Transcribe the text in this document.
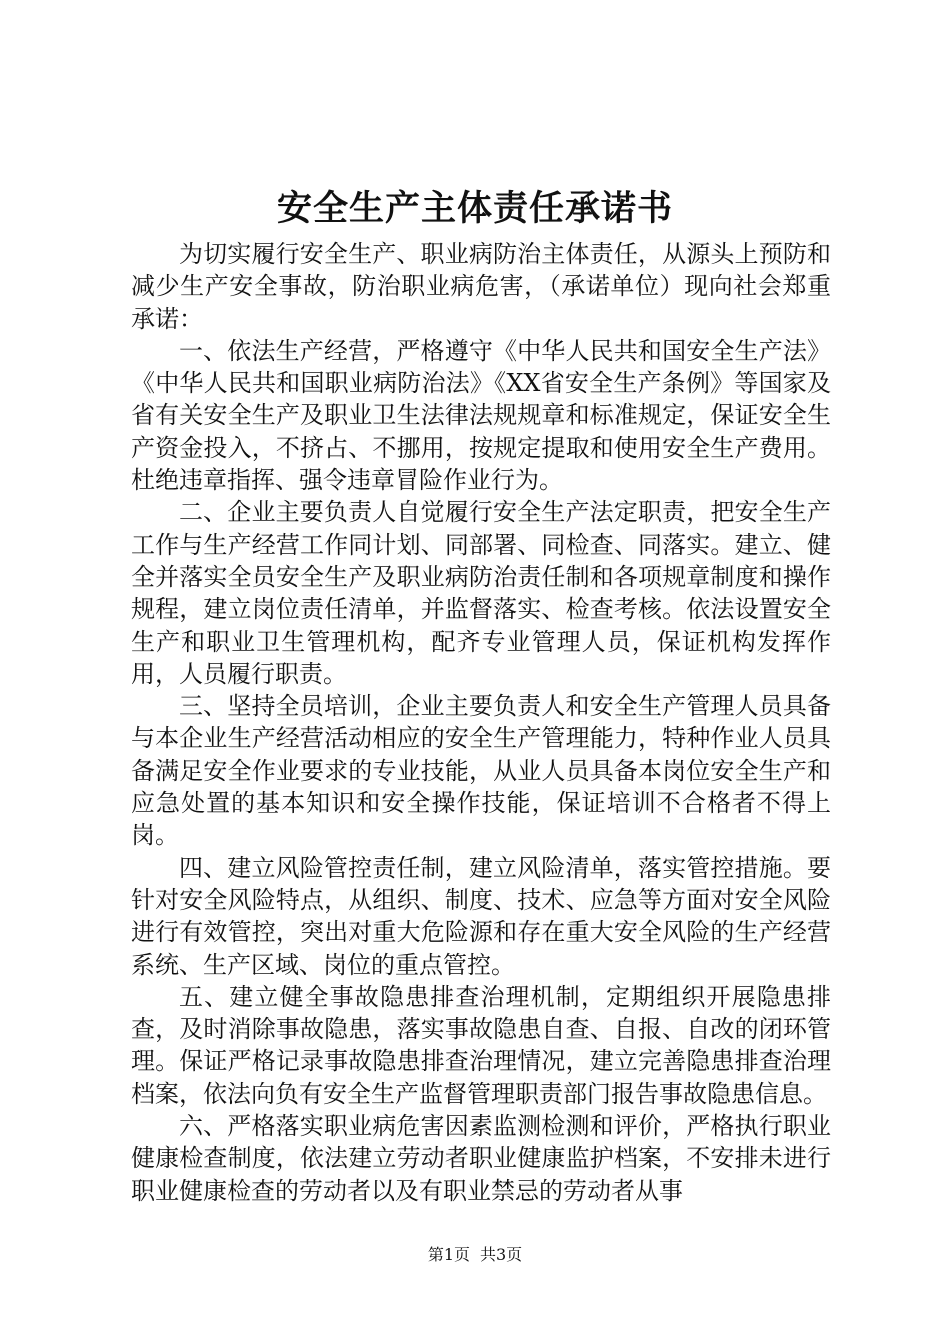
安全生产主体责任承诺书

为切实履行安全生产、职业病防治主体责任，从源头上预防和减少生产安全事故，防治职业病危害，（承诺单位）现向社会郑重承诺：

一、依法生产经营，严格遵守《中华人民共和国安全生产法》《中华人民共和国职业病防治法》《XX省安全生产条例》等国家及省有关安全生产及职业卫生法律法规规章和标准规定，保证安全生产资金投入，不挤占、不挪用，按规定提取和使用安全生产费用。杜绝违章指挥、强令违章冒险作业行为。

二、企业主要负责人自觉履行安全生产法定职责，把安全生产工作与生产经营工作同计划、同部署、同检查、同落实。建立、健全并落实全员安全生产及职业病防治责任制和各项规章制度和操作规程，建立岗位责任清单，并监督落实、检查考核。依法设置安全生产和职业卫生管理机构，配齐专业管理人员，保证机构发挥作用，人员履行职责。

三、坚持全员培训，企业主要负责人和安全生产管理人员具备与本企业生产经营活动相应的安全生产管理能力，特种作业人员具备满足安全作业要求的专业技能，从业人员具备本岗位安全生产和应急处置的基本知识和安全操作技能，保证培训不合格者不得上岗。

四、建立风险管控责任制，建立风险清单，落实管控措施。要针对安全风险特点，从组织、制度、技术、应急等方面对安全风险进行有效管控，突出对重大危险源和存在重大安全风险的生产经营系统、生产区域、岗位的重点管控。

五、建立健全事故隐患排查治理机制，定期组织开展隐患排查，及时消除事故隐患，落实事故隐患自查、自报、自改的闭环管理。保证严格记录事故隐患排查治理情况，建立完善隐患排查治理档案，依法向负有安全生产监督管理职责部门报告事故隐患信息。

六、严格落实职业病危害因素监测检测和评价，严格执行职业健康检查制度，依法建立劳动者职业健康监护档案，不安排未进行职业健康检查的劳动者以及有职业禁忌的劳动者从事

第1页 共3页
